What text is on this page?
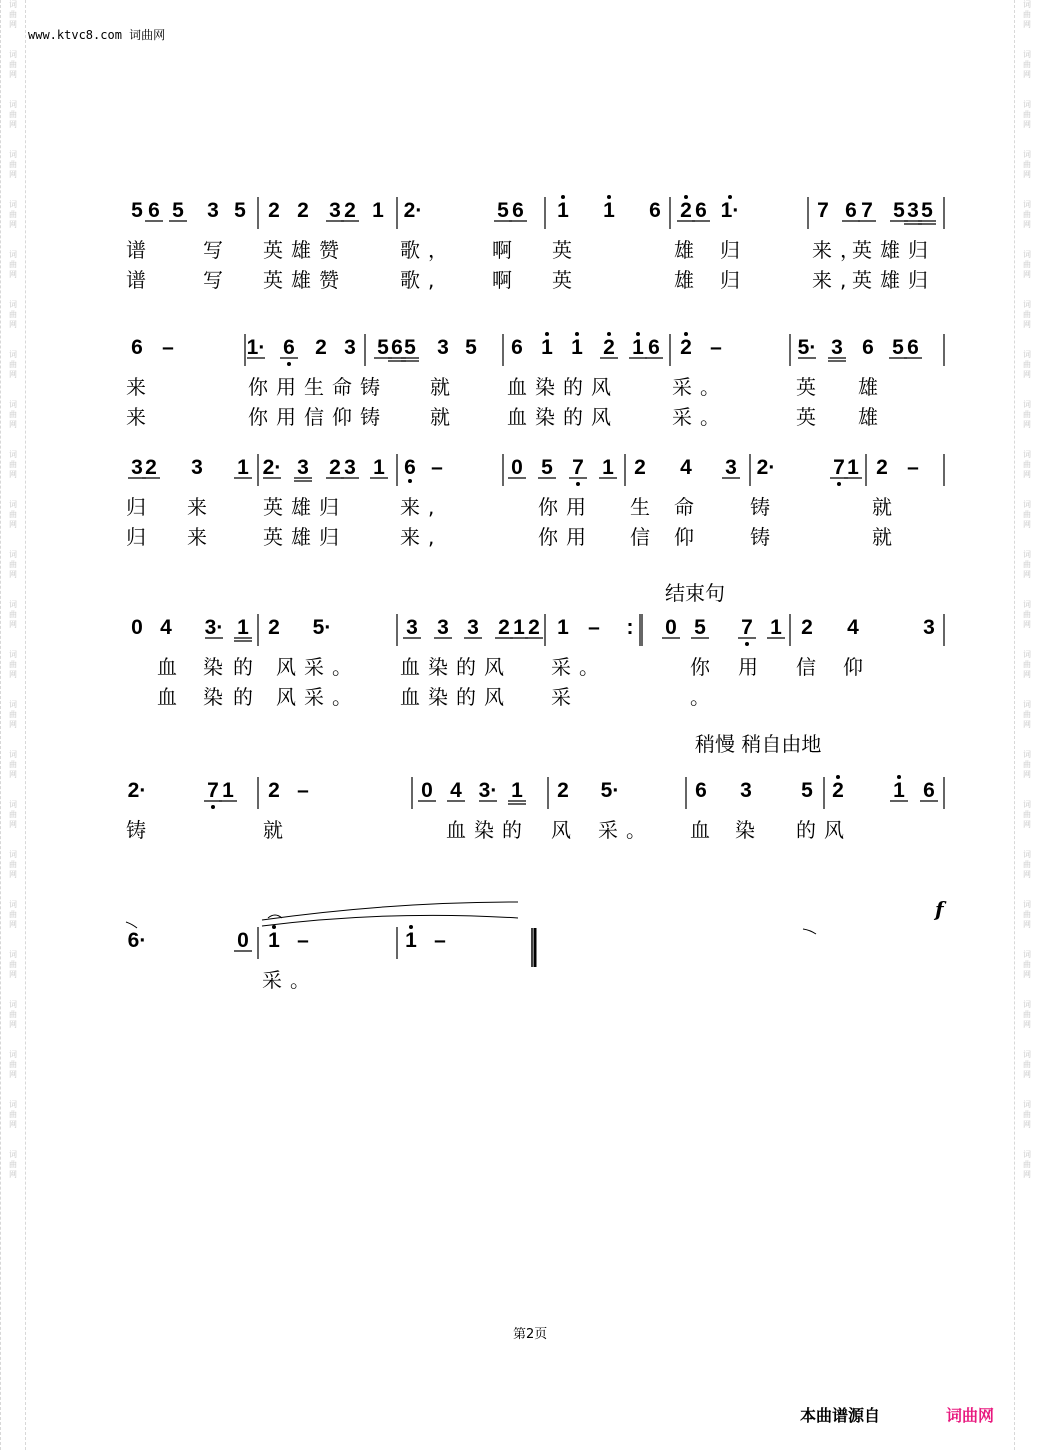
词
曲
网

词
曲
网

词
曲
网

词
曲
网

词
曲
网

词
曲
网

词
曲
网

词
曲
网

词
曲
网

词
曲
网

词
曲
网

词
曲
网

词
曲
网

词
曲
网

词
曲
网

词
曲
网

词
曲
网

词
曲
网

词
曲
网

词
曲
网

词
曲
网

词
曲
网

词
曲
网

词
曲
网

词
曲
网

词
曲
网

词
曲
网

词
曲
网

词
曲
网

词
曲
网

词
曲
网

词
曲
网

词
曲
网

词
曲
网

词
曲
网

词
曲
网

词
曲
网

词
曲
网

词
曲
网

词
曲
网

词
曲
网

词
曲
网

词
曲
网

词
曲
网

词
曲
网

词
曲
网

词
曲
网

词
曲
网

www.ktvc8.com 词曲网
5 6 5 3 5 2 2 3 2 1 2·	5 6 1 1 6 2 6 1·	7 6 7 5 3 5
谱	写 英雄赞	歌， 啊 英	雄 归	来，
英雄归
谱	写 英雄赞	歌, 啊 英	雄 归	来,
英雄归
6 –	1· 6 2 3 5 6 5 3 5 6 1 1 2 1 6 2 –	5· 3 6 5 6
来	你用生命铸 就	血染的风	采。	英 雄
来	你用信仰铸 就	血染的风	采。	英 雄
3 2 3 1 2· 3 2 3 1 6 –	0 5 7 1 2 4 3 2·	7 1 2 –
归 来	英雄归	来,	你用 生 命	铸	就
归 来	英雄归	来,	你用 信 仰	铸	就
0 4 3· 1 2 5·	3 3 3 2 1 2 1 – : 0 5 7 1 2 4	3
血 染 的 风采。 血染的风 采。	你 用 信 仰
血 染 的 风采。 血染的风 采	。
2·	7 1 2 –	0 4 3· 1 2 5·	6 3 5 2 1 6
铸	就	血染的 风 采。 血 染 的风
6·	0 1 –	1 –
采。
结束句
稍慢 稍自由地
f
第2页
本曲谱源自	词曲网
